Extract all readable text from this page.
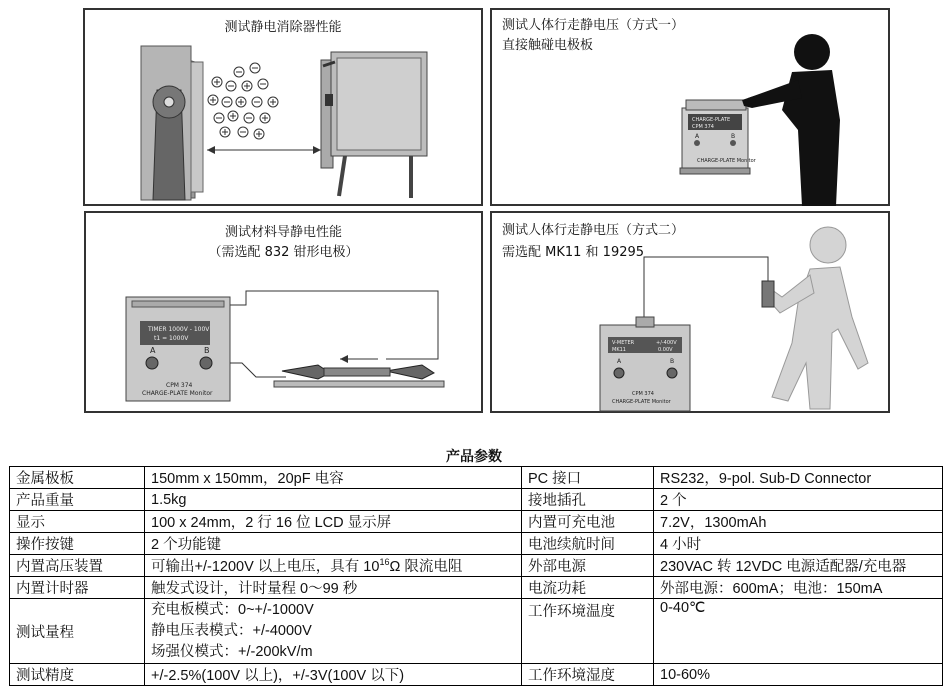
测试静电消除器性能
CHARGE-PLATE
CPM 374
A	B
CHARGE-PLATE Monitor
测试人体行走静电压（方式一）
直接触碰电极板
TIMER 1000V - 100V
t1 = 1000V
A	B
CPM 374
CHARGE-PLATE Monitor
测试材料导静电性能
（需选配 832 钳形电极）
V-METER
MK11
+/-400V
0.00V
A	B
CPM 374
CHARGE-PLATE Monitor
测试人体行走静电压（方式二）
需选配 MK11 和 19295
产品参数
金属极板	150mm x 150mm，20pF 电容	PC 接口	RS232，9-pol. Sub-D Connector
产品重量	1.5kg	接地插孔	2 个
显示	100 x 24mm，2 行 16 位 LCD 显示屏	内置可充电池	7.2V，1300mAh
操作按键	2 个功能键	电池续航时间	4 小时
内置高压装置	可输出+/-1200V 以上电压，具有 $10^{16}\Omega$ 限流电阻	外部电源	230VAC 转 12VDC 电源适配器/充电器
内置计时器	触发式设计，计时量程 0～99 秒	电流功耗	外部电源：600mA；电池：150mA
测试量程	充电板模式：0~+/-1000V
静电压表模式：+/-4000V
场强仪模式：+/-200kV/m	工作环境温度	0-40℃
测试精度	+/-2.5%(100V 以上)，+/-3V(100V 以下)	工作环境湿度	10-60%
